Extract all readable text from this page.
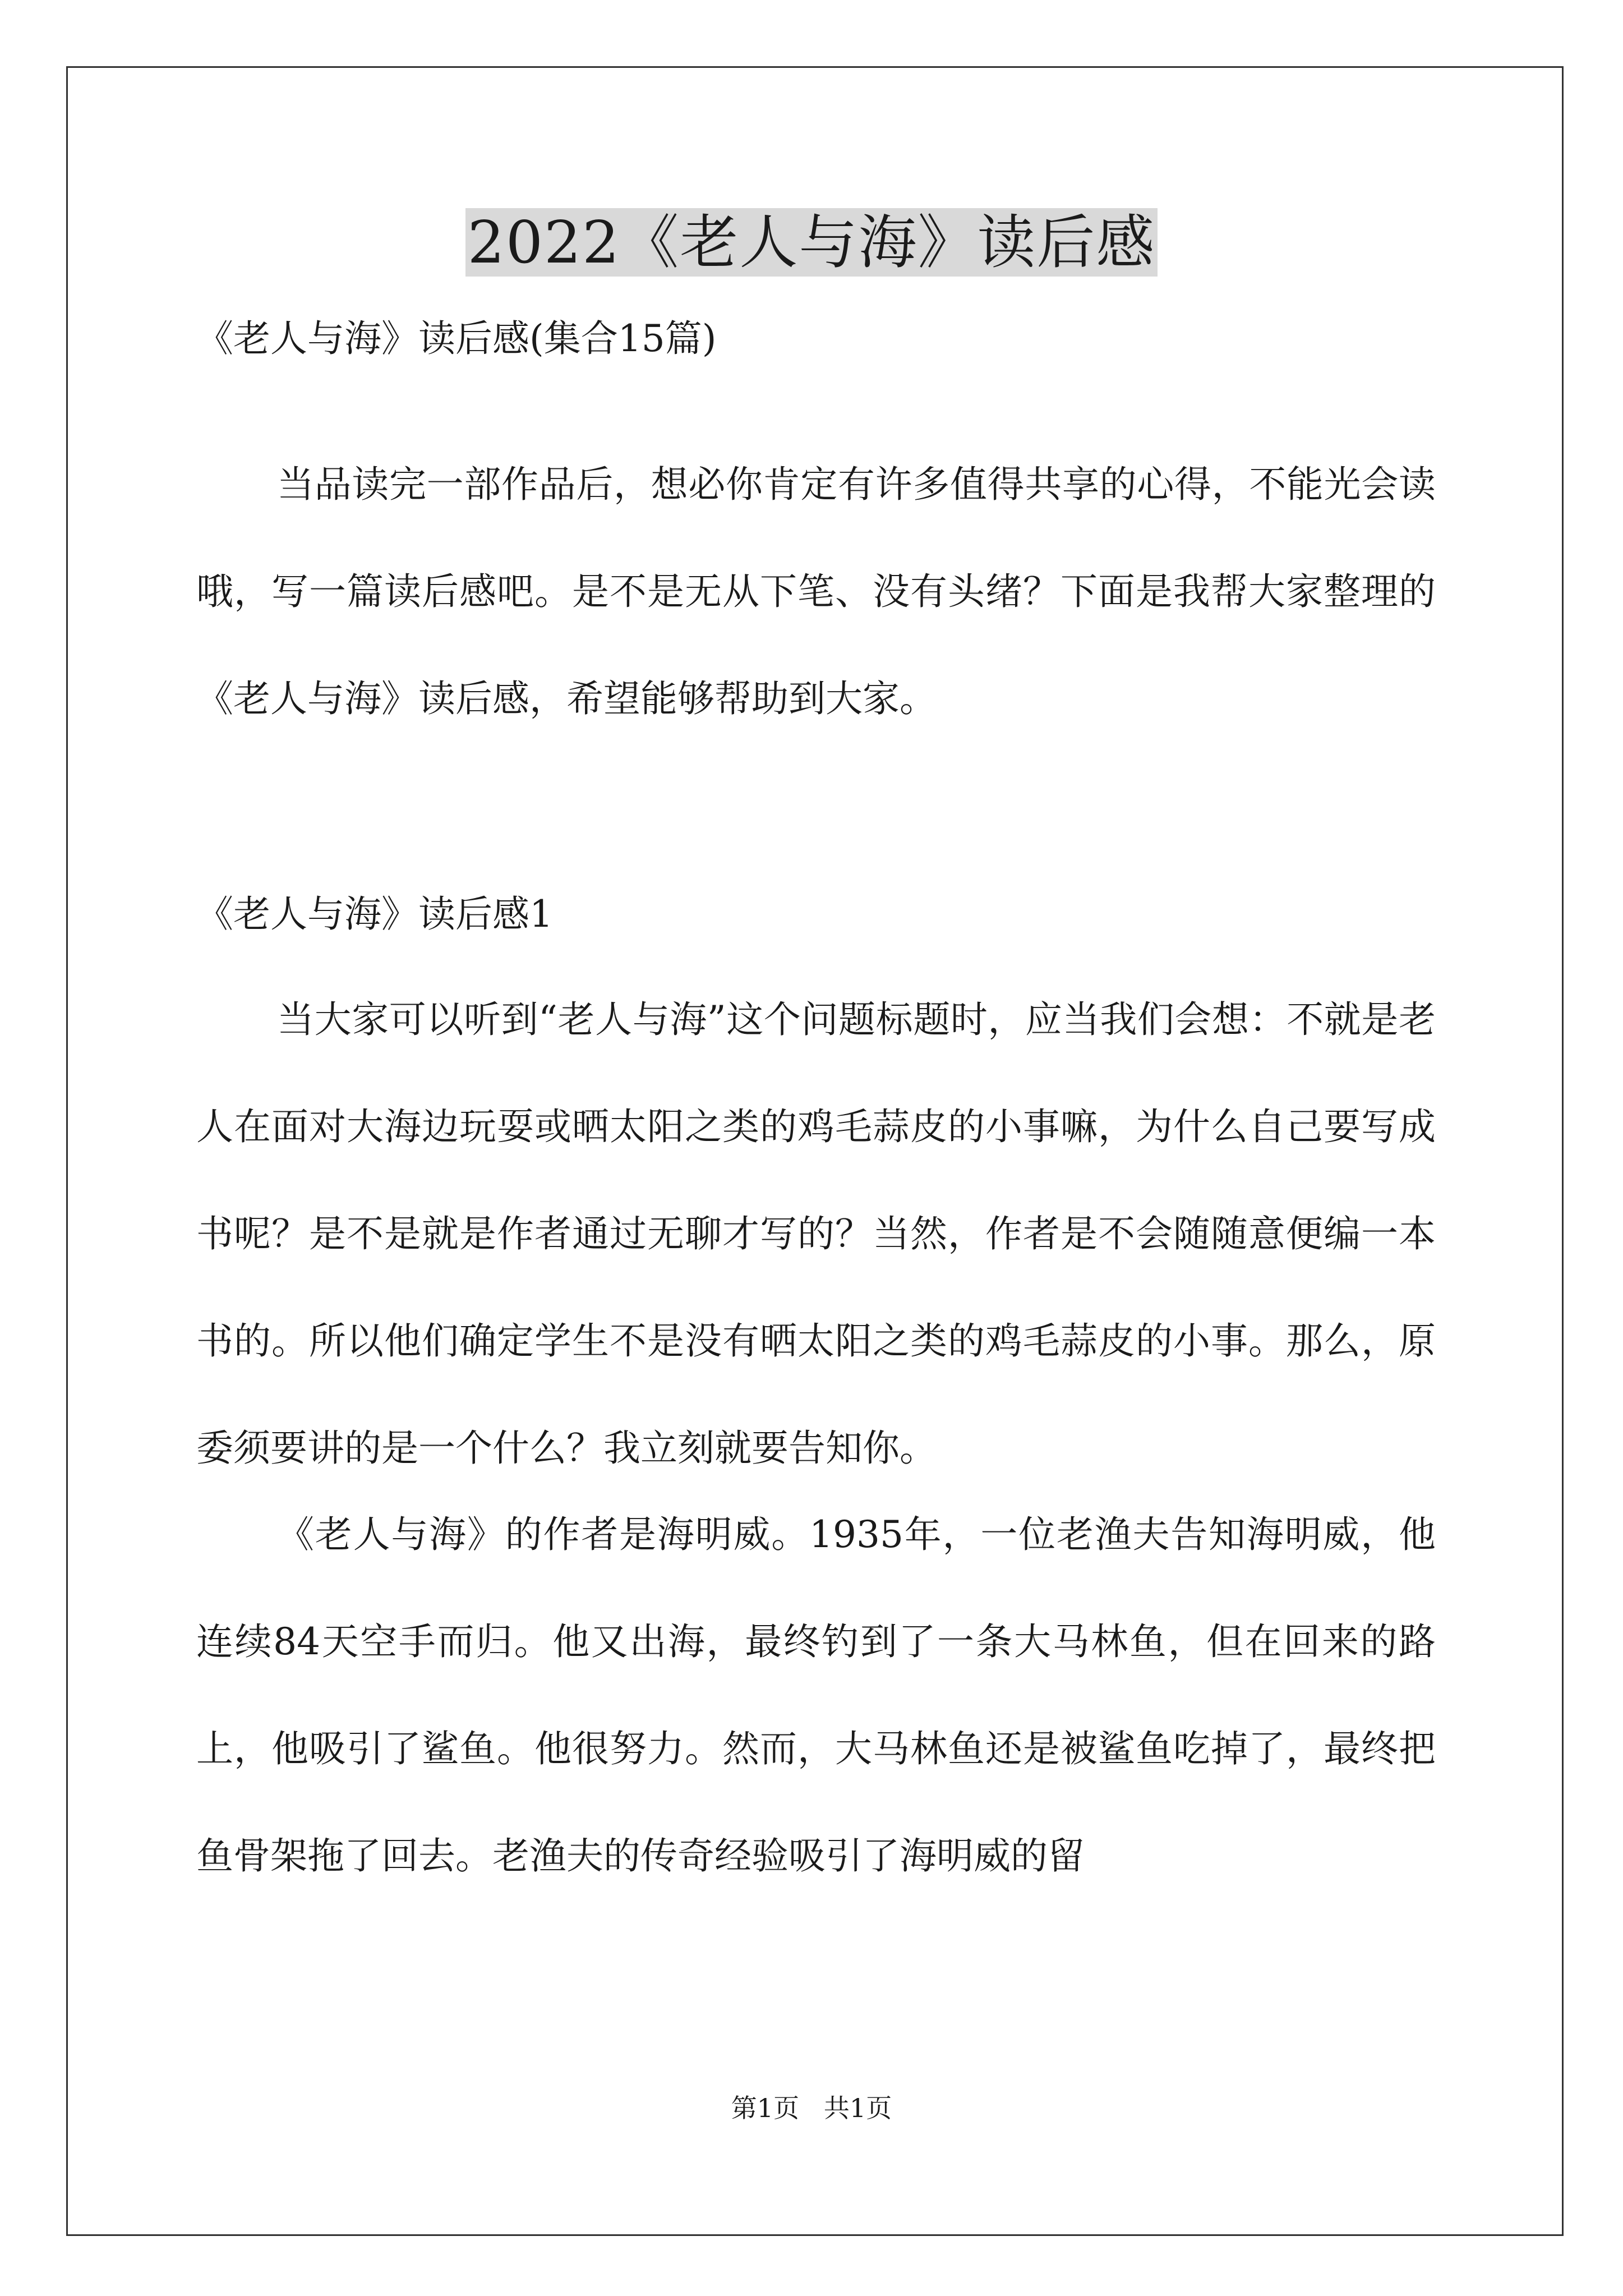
2022《老人与海》读后感
《老人与海》读后感(集合15篇)

当品读完一部作品后，想必你肯定有许多值得共享的心得，不能光会读哦，写一篇读后感吧。是不是无从下笔、没有头绪？下面是我帮大家整理的《老人与海》读后感，希望能够帮助到大家。

《老人与海》读后感1

当大家可以听到“老人与海”这个问题标题时，应当我们会想：不就是老人在面对大海边玩耍或晒太阳之类的鸡毛蒜皮的小事嘛，为什么自己要写成书呢？是不是就是作者通过无聊才写的？当然，作者是不会随随意便编一本书的。所以他们确定学生不是没有晒太阳之类的鸡毛蒜皮的小事。那么，原委须要讲的是一个什么？我立刻就要告知你。

《老人与海》的作者是海明威。1935年，一位老渔夫告知海明威，他连续84天空手而归。他又出海，最终钓到了一条大马林鱼，但在回来的路上，他吸引了鲨鱼。他很努力。然而，大马林鱼还是被鲨鱼吃掉了，最终把鱼骨架拖了回去。老渔夫的传奇经验吸引了海明威的留

第1页   共1页
